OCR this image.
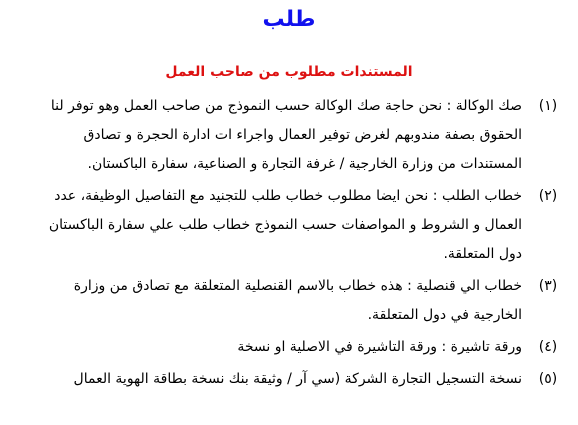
طلب
المستندات مطلوب من صاحب العمل
(١)
صك الوكالة : نحن حاجة صك الوكالة حسب النموذج من صاحب العمل وهو توفر لنا
الحقوق بصفة مندوبهم لغرض توفير العمال واجراء ات ادارة الحجرة و تصادق
المستندات من وزارة الخارجية / غرفة التجارة و الصناعية، سفارة الباكستان.
(٢)
خطاب الطلب : نحن ايضا مطلوب خطاب طلب للتجنيد مع التفاصيل الوظيفة، عدد
العمال و الشروط و المواصفات حسب النموذج خطاب طلب علي سفارة الباكستان
دول المتعلقة.
(٣)
خطاب الي قنصلية : هذه خطاب بالاسم القنصلية المتعلقة مع تصادق من وزارة
الخارجية في دول المتعلقة.
(٤)
ورقة تاشيرة : ورقة التاشيرة في الاصلية او نسخة
(٥)
نسخة التسجيل التجارة الشركة (سي آر / وثيقة بنك نسخة بطاقة الهوية العمال
